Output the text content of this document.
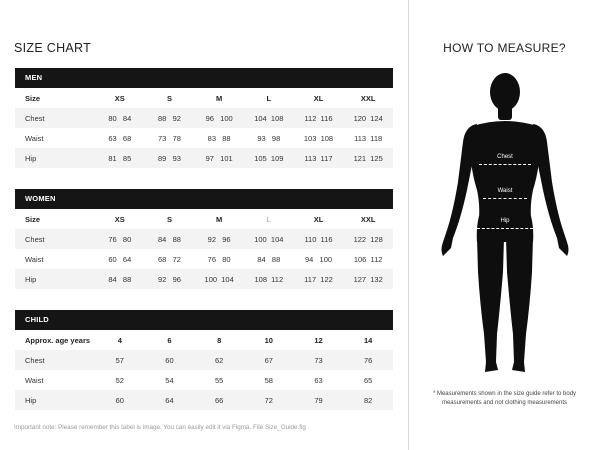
SIZE CHART
MEN
Size	XS	S	M	L	XL	XXL
Chest	80   84	88   92	96   100	104  108	112  116	120  124
Waist	63   68	73   78	83   88	93   98	103  108	113  118
Hip	81   85	89   93	97   101	105  109	113  117	121  125
WOMEN
Size	XS	S	M	L	XL	XXL
Chest	76   80	84   88	92   96	100  104	110  116	122  128
Waist	60   64	68   72	76   80	84   88	94   100	106  112
Hip	84   88	92   96	100  104	108  112	117  122	127  132
CHILD
Approx. age years	4	6	8	10	12	14
Chest	57	60	62	67	73	76
Waist	52	54	55	58	63	65
Hip	60	64	66	72	79	82
Important note: Please remember this tabel is image. You can easily edit it via Figma. File Size_Guide.fig
HOW TO MEASURE?
Chest
Waist
Hip
Inseam
* Measurements shown in the size guide refer to body measurements and not clothing measurements
